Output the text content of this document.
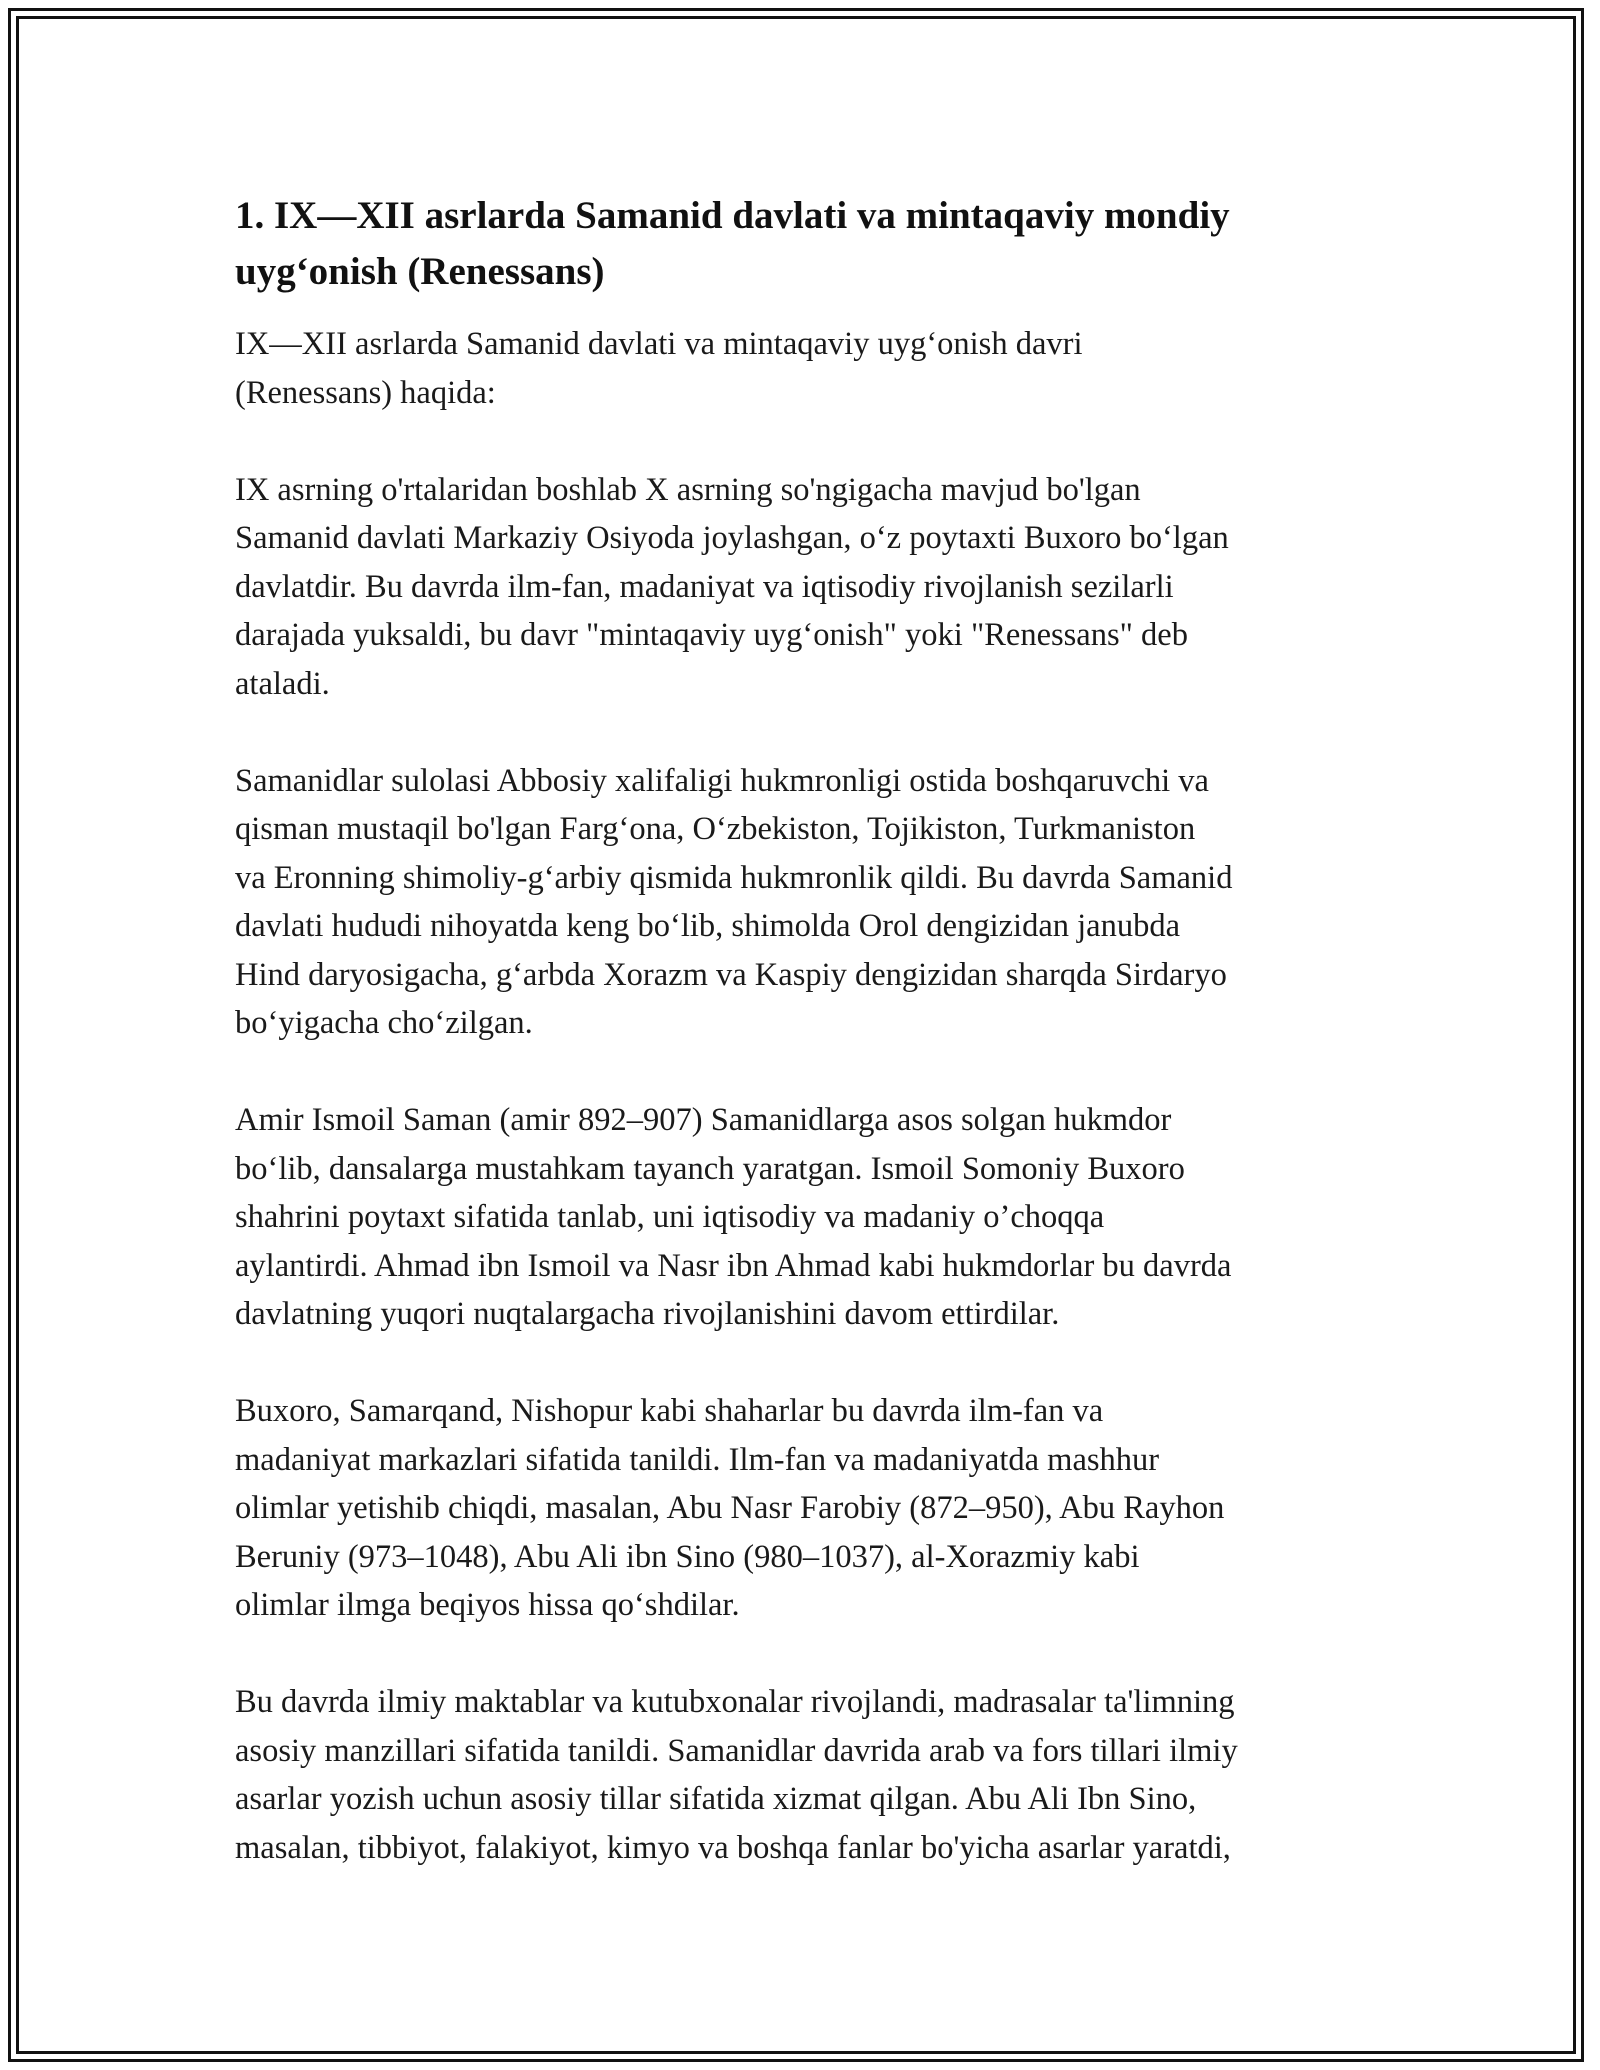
1. IX—XII asrlarda Samanid davlati va mintaqaviy mondiy
uyg‘onish (Renessans)

IX—XII asrlarda Samanid davlati va mintaqaviy uyg‘onish davri
(Renessans) haqida:

IX asrning o'rtalaridan boshlab X asrning so'ngigacha mavjud bo'lgan
Samanid davlati Markaziy Osiyoda joylashgan, o‘z poytaxti Buxoro bo‘lgan
davlatdir. Bu davrda ilm-fan, madaniyat va iqtisodiy rivojlanish sezilarli
darajada yuksaldi, bu davr "mintaqaviy uyg‘onish" yoki "Renessans" deb
ataladi.

Samanidlar sulolasi Abbosiy xalifaligi hukmronligi ostida boshqaruvchi va
qisman mustaqil bo'lgan Farg‘ona, O‘zbekiston, Tojikiston, Turkmaniston
va Eronning shimoliy-g‘arbiy qismida hukmronlik qildi. Bu davrda Samanid
davlati hududi nihoyatda keng bo‘lib, shimolda Orol dengizidan janubda
Hind daryosigacha, g‘arbda Xorazm va Kaspiy dengizidan sharqda Sirdaryo
bo‘yigacha cho‘zilgan.

Amir Ismoil Saman (amir 892–907) Samanidlarga asos solgan hukmdor
bo‘lib, dansalarga mustahkam tayanch yaratgan. Ismoil Somoniy Buxoro
shahrini poytaxt sifatida tanlab, uni iqtisodiy va madaniy o’choqqa
aylantirdi. Ahmad ibn Ismoil va Nasr ibn Ahmad kabi hukmdorlar bu davrda
davlatning yuqori nuqtalargacha rivojlanishini davom ettirdilar.

Buxoro, Samarqand, Nishopur kabi shaharlar bu davrda ilm-fan va
madaniyat markazlari sifatida tanildi. Ilm-fan va madaniyatda mashhur
olimlar yetishib chiqdi, masalan, Abu Nasr Farobiy (872–950), Abu Rayhon
Beruniy (973–1048), Abu Ali ibn Sino (980–1037), al-Xorazmiy kabi
olimlar ilmga beqiyos hissa qo‘shdilar.

Bu davrda ilmiy maktablar va kutubxonalar rivojlandi, madrasalar ta'limning
asosiy manzillari sifatida tanildi. Samanidlar davrida arab va fors tillari ilmiy
asarlar yozish uchun asosiy tillar sifatida xizmat qilgan. Abu Ali Ibn Sino,
masalan, tibbiyot, falakiyot, kimyo va boshqa fanlar bo'yicha asarlar yaratdi,
